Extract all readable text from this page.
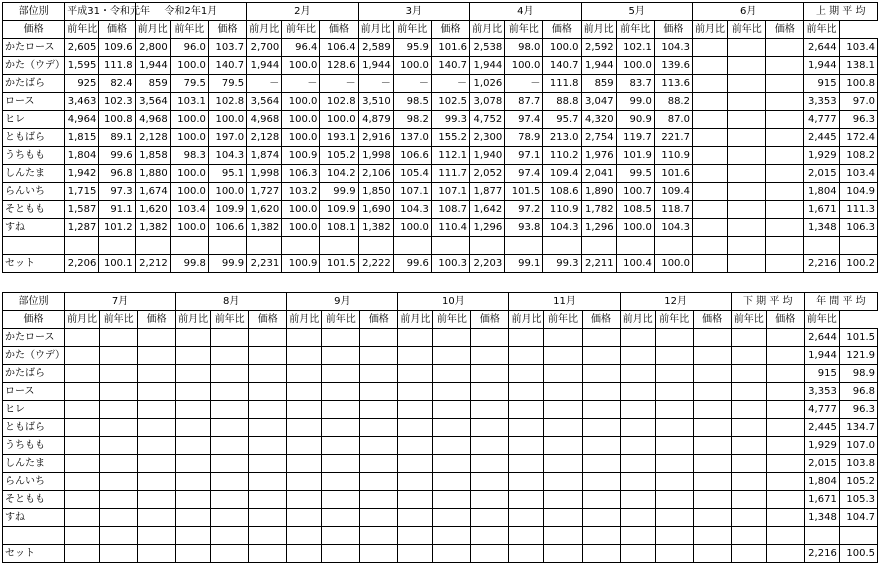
部位別	平成31・令和元年		令和2年1月			2月			3月			4月			5月			6月			上 期 平 均	
価格	前年比	価格	前月比	前年比	価格	前月比	前年比	価格	前月比	前年比	価格	前月比	前年比	価格	前月比	前年比	価格	前月比	前年比	価格	前年比	
かたロース	2,605	109.6	2,800	96.0	103.7	2,700	96.4	106.4	2,589	95.9	101.6	2,538	98.0	100.0	2,592	102.1	104.3				2,644	103.4
かた（ウデ）	1,595	111.8	1,944	100.0	140.7	1,944	100.0	128.6	1,944	100.0	140.7	1,944	100.0	140.7	1,944	100.0	139.6				1,944	138.1
かたばら	925	82.4	859	79.5	79.5	－	－	－	－	－	－	1,026	－	111.8	859	83.7	113.6				915	100.8
ロース	3,463	102.3	3,564	103.1	102.8	3,564	100.0	102.8	3,510	98.5	102.5	3,078	87.7	88.8	3,047	99.0	88.2				3,353	97.0
ヒレ	4,964	100.8	4,968	100.0	100.0	4,968	100.0	100.0	4,879	98.2	99.3	4,752	97.4	95.7	4,320	90.9	87.0				4,777	96.3
ともばら	1,815	89.1	2,128	100.0	197.0	2,128	100.0	193.1	2,916	137.0	155.2	2,300	78.9	213.0	2,754	119.7	221.7				2,445	172.4
うちもも	1,804	99.6	1,858	98.3	104.3	1,874	100.9	105.2	1,998	106.6	112.1	1,940	97.1	110.2	1,976	101.9	110.9				1,929	108.2
しんたま	1,942	96.8	1,880	100.0	95.1	1,998	106.3	104.2	2,106	105.4	111.7	2,052	97.4	109.4	2,041	99.5	101.6				2,015	103.4
らんいち	1,715	97.3	1,674	100.0	100.0	1,727	103.2	99.9	1,850	107.1	107.1	1,877	101.5	108.6	1,890	100.7	109.4				1,804	104.9
そともも	1,587	91.1	1,620	103.4	109.9	1,620	100.0	109.9	1,690	104.3	108.7	1,642	97.2	110.9	1,782	108.5	118.7				1,671	111.3
すね	1,287	101.2	1,382	100.0	106.6	1,382	100.0	108.1	1,382	100.0	110.4	1,296	93.8	104.3	1,296	100.0	104.3				1,348	106.3

セット	2,206	100.1	2,212	99.8	99.9	2,231	100.9	101.5	2,222	99.6	100.3	2,203	99.1	99.3	2,211	100.4	100.0				2,216	100.2
部位別	7月			8月			9月			10月			11月			12月			下 期 平 均		年 間 平 均	
価格	前月比	前年比	価格	前月比	前年比	価格	前月比	前年比	価格	前月比	前年比	価格	前月比	前年比	価格	前月比	前年比	価格	前年比	価格	前年比	
かたロース																					2,644	101.5
かた（ウデ）																					1,944	121.9
かたばら																					915	98.9
ロース																					3,353	96.8
ヒレ																					4,777	96.3
ともばら																					2,445	134.7
うちもも																					1,929	107.0
しんたま																					2,015	103.8
らんいち																					1,804	105.2
そともも																					1,671	105.3
すね																					1,348	104.7

セット																					2,216	100.5
